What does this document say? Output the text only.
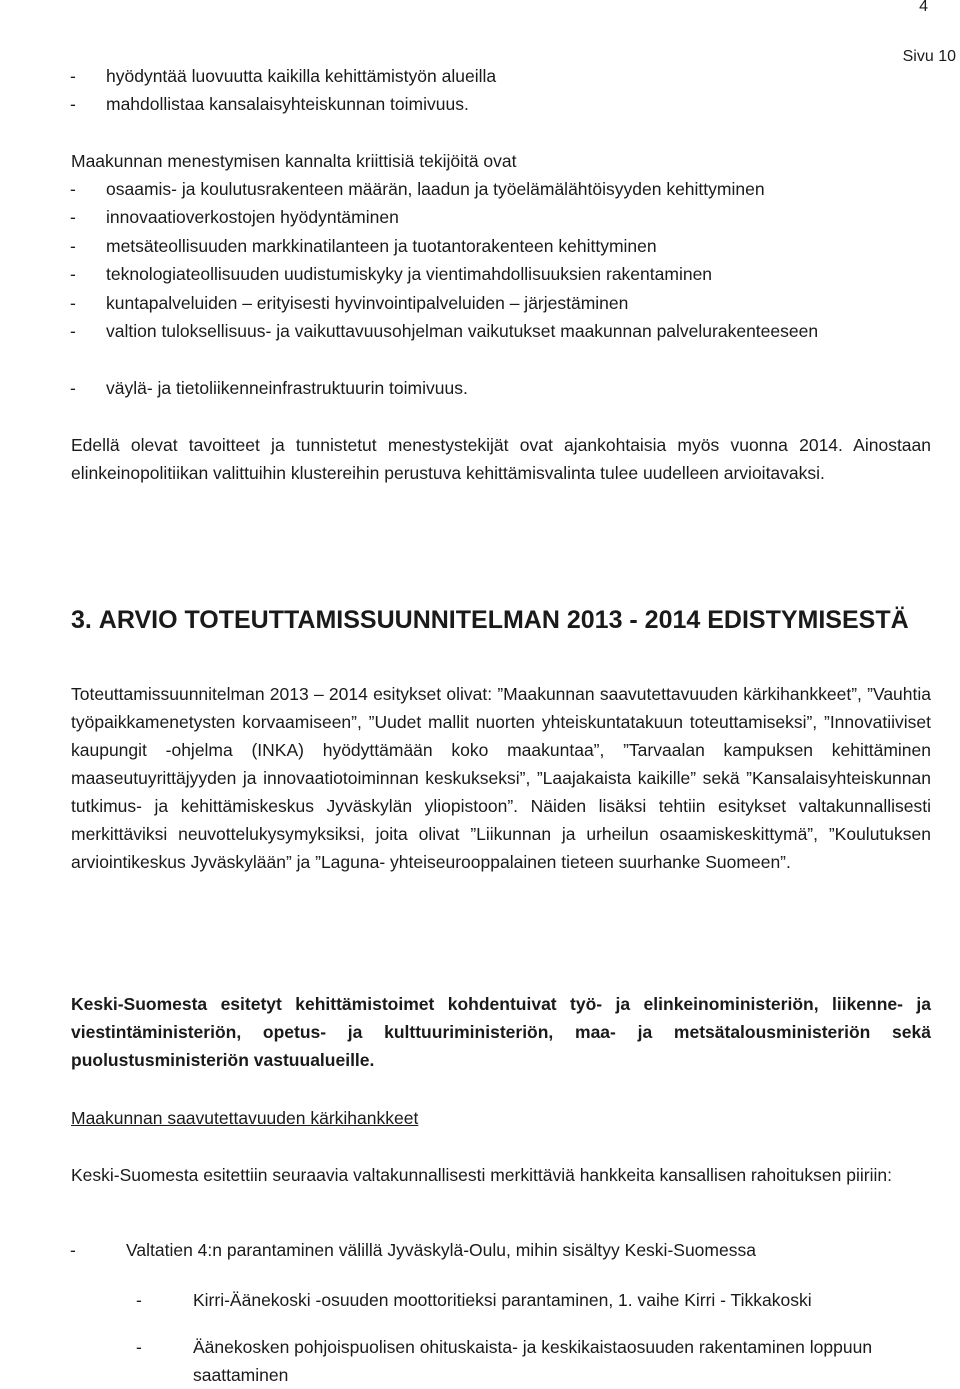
4
Sivu 10
- hyödyntää luovuutta kaikilla kehittämistyön alueilla
- mahdollistaa kansalaisyhteiskunnan toimivuus.
Maakunnan menestymisen kannalta kriittisiä tekijöitä ovat
- osaamis- ja koulutusrakenteen määrän, laadun ja työelämälähtöisyyden kehittyminen
- innovaatioverkostojen hyödyntäminen
- metsäteollisuuden markkinatilanteen ja tuotantorakenteen kehittyminen
- teknologiateollisuuden uudistumiskyky ja vientimahdollisuuksien rakentaminen
- kuntapalveluiden – erityisesti hyvinvointipalveluiden – järjestäminen
- valtion tuloksellisuus- ja vaikuttavuusohjelman vaikutukset maakunnan palvelurakenteeseen
- väylä- ja tietoliikenneinfrastruktuurin toimivuus.
Edellä olevat tavoitteet ja tunnistetut menestystekijät ovat ajankohtaisia myös vuonna 2014. Ainostaan elinkeinopolitiikan valittuihin klustereihin perustuva kehittämisvalinta tulee uudelleen arvioitavaksi.
3. ARVIO TOTEUTTAMISSUUNNITELMAN 2013 - 2014 EDISTYMISESTÄ
Toteuttamissuunnitelman 2013 – 2014 esitykset olivat: ”Maakunnan saavutettavuuden kärkihankkeet”, ”Vauhtia työpaikkamenetysten korvaamiseen”, ”Uudet mallit nuorten yhteiskuntatakuun toteuttamiseksi”, ”Innovatiiviset kaupungit -ohjelma (INKA) hyödyttämään koko maakuntaa”, ”Tarvaalan kampuksen kehittäminen maaseutuyrittäjyyden ja innovaatiotoiminnan keskukseksi”, ”Laajakaista kaikille” sekä ”Kansalaisyhteiskunnan tutkimus- ja kehittämiskeskus Jyväskylän yliopistoon”. Näiden lisäksi tehtiin esitykset valtakunnallisesti merkittäviksi neuvottelukysymyksiksi, joita olivat ”Liikunnan ja urheilun osaamiskeskittymä”, ”Koulutuksen arviointikeskus Jyväskylään” ja ”Laguna- yhteiseurooppalainen tieteen suurhanke Suomeen”.
Keski-Suomesta esitetyt kehittämistoimet kohdentuivat työ- ja elinkeinoministeriön, liikenne- ja viestintäministeriön, opetus- ja kulttuuriministeriön, maa- ja metsätalousministeriön sekä puolustusministeriön vastuualueille.
Maakunnan saavutettavuuden kärkihankkeet
Keski-Suomesta esitettiin seuraavia valtakunnallisesti merkittäviä hankkeita kansallisen rahoituksen piiriin:
-	Valtatien 4:n parantaminen välillä Jyväskylä-Oulu, mihin sisältyy Keski-Suomessa
-	Kirri-Äänekoski -osuuden moottoritieksi parantaminen, 1. vaihe Kirri - Tikkakoski
-	Äänekosken pohjoispuolisen ohituskaista- ja keskikaistaosuuden rakentaminen loppuun saattaminen
